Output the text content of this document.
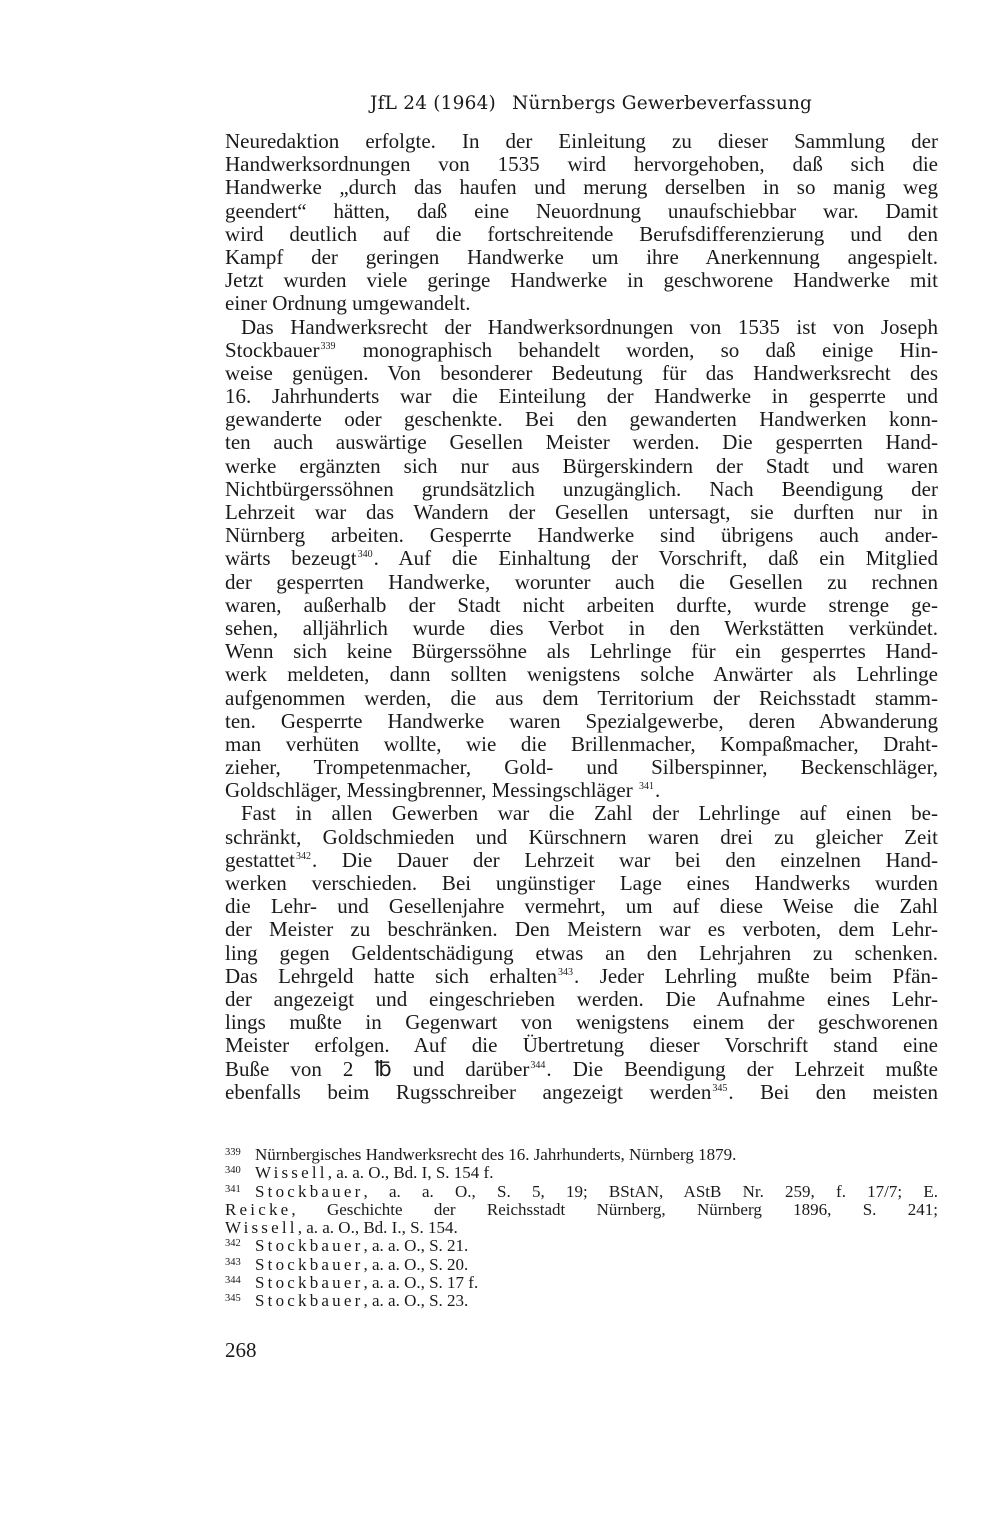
JfL 24 (1964) Nürnbergs Gewerbeverfassung
Neuredaktion erfolgte. In der Einleitung zu dieser Sammlung der
Handwerksordnungen von 1535 wird hervorgehoben, daß sich die
Handwerke „durch das haufen und merung derselben in so manig weg
geendert“ hätten, daß eine Neuordnung unaufschiebbar war. Damit
wird deutlich auf die fortschreitende Berufsdifferenzierung und den
Kampf der geringen Handwerke um ihre Anerkennung angespielt.
Jetzt wurden viele geringe Handwerke in geschworene Handwerke mit
einer Ordnung umgewandelt.
Das Handwerksrecht der Handwerksordnungen von 1535 ist von Joseph
Stockbauer$^{339}$ monographisch behandelt worden, so daß einige Hin-
weise genügen. Von besonderer Bedeutung für das Handwerksrecht des
16. Jahrhunderts war die Einteilung der Handwerke in gesperrte und
gewanderte oder geschenkte. Bei den gewanderten Handwerken konn-
ten auch auswärtige Gesellen Meister werden. Die gesperrten Hand-
werke ergänzten sich nur aus Bürgerskindern der Stadt und waren
Nichtbürgerssöhnen grundsätzlich unzugänglich. Nach Beendigung der
Lehrzeit war das Wandern der Gesellen untersagt, sie durften nur in
Nürnberg arbeiten. Gesperrte Handwerke sind übrigens auch ander-
wärts bezeugt$^{340}$. Auf die Einhaltung der Vorschrift, daß ein Mitglied
der gesperrten Handwerke, worunter auch die Gesellen zu rechnen
waren, außerhalb der Stadt nicht arbeiten durfte, wurde strenge ge-
sehen, alljährlich wurde dies Verbot in den Werkstätten verkündet.
Wenn sich keine Bürgerssöhne als Lehrlinge für ein gesperrtes Hand-
werk meldeten, dann sollten wenigstens solche Anwärter als Lehrlinge
aufgenommen werden, die aus dem Territorium der Reichsstadt stamm-
ten. Gesperrte Handwerke waren Spezialgewerbe, deren Abwanderung
man verhüten wollte, wie die Brillenmacher, Kompaßmacher, Draht-
zieher, Trompetenmacher, Gold- und Silberspinner, Beckenschläger,
Goldschläger, Messingbrenner, Messingschläger $^{341}$.
Fast in allen Gewerben war die Zahl der Lehrlinge auf einen be-
schränkt, Goldschmieden und Kürschnern waren drei zu gleicher Zeit
gestattet$^{342}$. Die Dauer der Lehrzeit war bei den einzelnen Hand-
werken verschieden. Bei ungünstiger Lage eines Handwerks wurden
die Lehr- und Gesellenjahre vermehrt, um auf diese Weise die Zahl
der Meister zu beschränken. Den Meistern war es verboten, dem Lehr-
ling gegen Geldentschädigung etwas an den Lehrjahren zu schenken.
Das Lehrgeld hatte sich erhalten$^{343}$. Jeder Lehrling mußte beim Pfän-
der angezeigt und eingeschrieben werden. Die Aufnahme eines Lehr-
lings mußte in Gegenwart von wenigstens einem der geschworenen
Meister erfolgen. Auf die Übertretung dieser Vorschrift stand eine
Buße von 2 ℔ und darüber$^{344}$. Die Beendigung der Lehrzeit mußte
ebenfalls beim Rugsschreiber angezeigt werden$^{345}$. Bei den meisten
339 Nürnbergisches Handwerksrecht des 16. Jahrhunderts, Nürnberg 1879.
340 Wissell, a. a. O., Bd. I, S. 154 f.
341 Stockbauer, a. a. O., S. 5, 19; BStAN, AStB Nr. 259, f. 17/7; E.
Reicke, Geschichte der Reichsstadt Nürnberg, Nürnberg 1896, S. 241;
Wissell, a. a. O., Bd. I., S. 154.
342 Stockbauer, a. a. O., S. 21.
343 Stockbauer, a. a. O., S. 20.
344 Stockbauer, a. a. O., S. 17 f.
345 Stockbauer, a. a. O., S. 23.
268
